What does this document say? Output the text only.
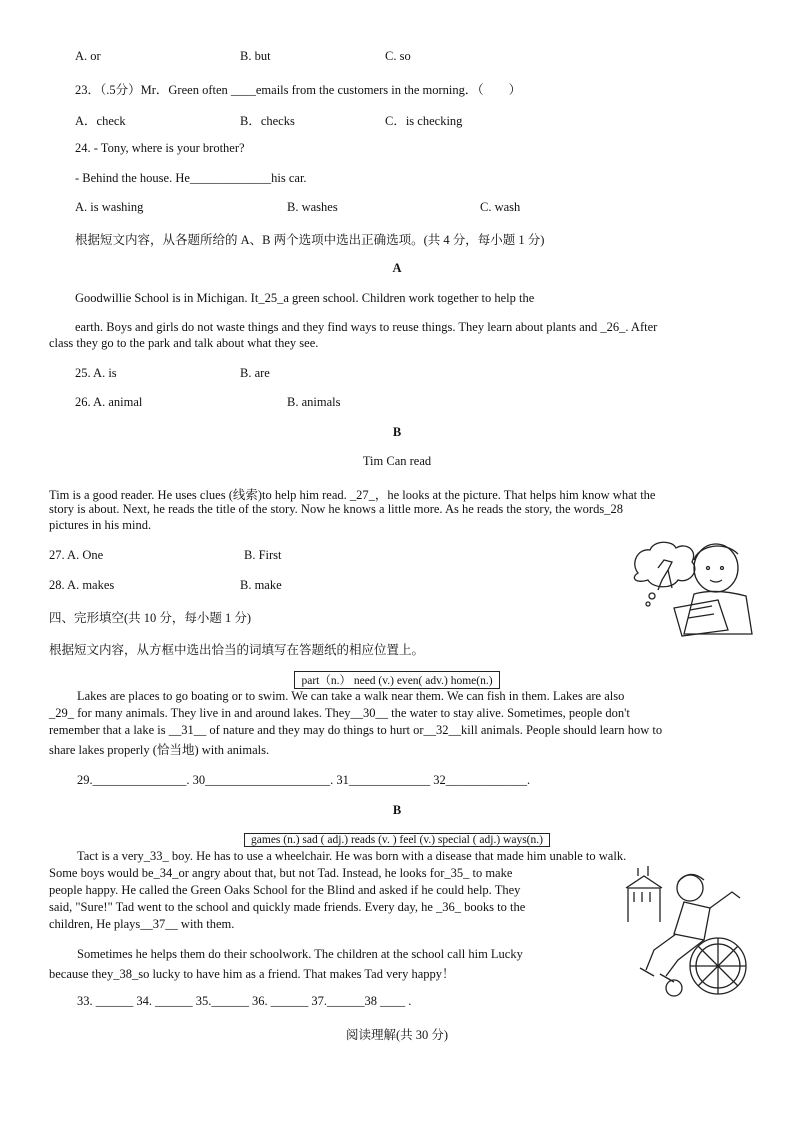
A. or	B. but	C. so
23．（.5分）Mr．Green often ____emails from the customers in the morning．（　　）
A．check	B．checks	C．is checking
24. - Tony, where is your brother?
- Behind the house. He_____________his car.
A. is washing	B. washes	C. wash
根据短文内容，从各题所给的 A、B 两个选项中选出正确选项。(共 4 分，每小题 1 分)
A
Goodwillie School is in Michigan. It_25_a green school. Children work together to help the
earth. Boys and girls do not waste things and they find ways to reuse things. They learn about plants and _26_. After
class they go to the park and talk about what they see.
25. A. is	B. are
26. A. animal	B. animals
B
Tim Can read
Tim is a good reader. He uses clues (线索)to help him read. _27_，he looks at the picture. That helps him know what the
story is about. Next, he reads the title of the story. Now he knows a little more. As he reads the story, the words_28
pictures in his mind.
27. A. One	B. First
28. A. makes	B. make
四、完形填空(共 10 分，每小题 1 分)
根据短文内容，从方框中选出恰当的词填写在答题纸的相应位置上。
part（n.） need (v.) even( adv.) home(n.)
Lakes are places to go boating or to swim. We can take a walk near them. We can fish in them. Lakes are also
_29_ for many animals. They live in and around lakes. They__30__ the water to stay alive. Sometimes, people don't
remember that a lake is __31__ of nature and they may do things to hurt or__32__kill animals. People should learn how to
share lakes properly (恰当地) with animals.
29._______________. 30____________________. 31_____________ 32_____________.
B
games (n.) sad ( adj.) reads (v. ) feel (v.) special ( adj.) ways(n.)
Tact is a very_33_ boy. He has to use a wheelchair. He was born with a disease that made him unable to walk.
Some boys would be_34_or angry about that, but not Tad. Instead, he looks for_35_ to make
people happy. He called the Green Oaks School for the Blind and asked if he could help. They
said, "Sure!" Tad went to the school and quickly made friends. Every day, he _36_ books to the
children, He plays__37__ with them.
Sometimes he helps them do their schoolwork. The children at the school call him Lucky
because they_38_so lucky to have him as a friend. That makes Tad very happy！
33. ______ 34. ______ 35.______ 36. ______ 37.______38 ____ .
阅读理解(共 30 分)
